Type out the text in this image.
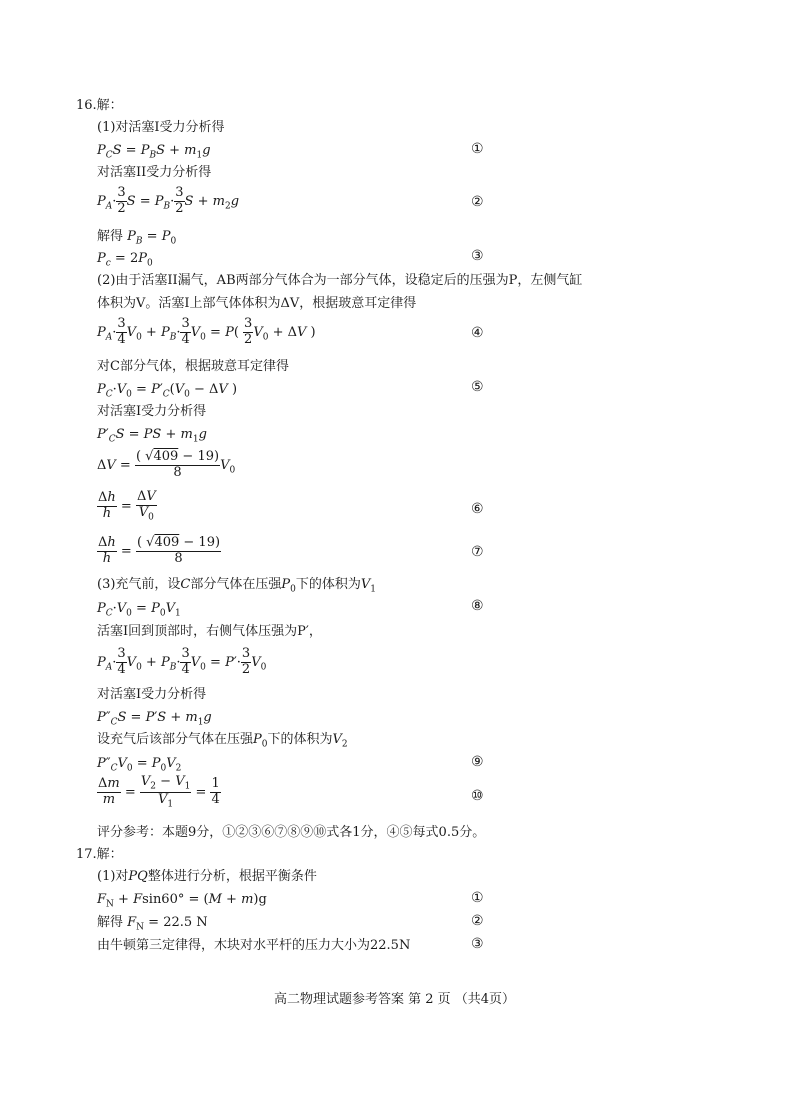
16.解：
(1)对活塞I受力分析得
$P_CS = P_BS + m_1g$	①
对活塞II受力分析得
$P_A\cdot \frac{3}{2}$ $S = P_B\cdot \frac{3}{2}$ $S + m_2g$	②
解得 $P_B = P_0$
$P_c = 2P_0$	③
(2)由于活塞II漏气，AB两部分气体合为一部分气体，设稳定后的压强为P，左侧气缸
体积为V。活塞I上部气体体积为ΔV，根据玻意耳定律得
$P_A\cdot \frac{3}{4} V_0 + P_B\cdot \frac{3}{4} V_0 = P( \frac{3}{2} V_0 + \Delta V$ )	④
对C部分气体，根据玻意耳定律得
$P_C\cdot V_0 = P'_C(V_0 - \Delta V$ )	⑤
对活塞I受力分析得
$P'_CS$ = PS + $m_1g$
$\Delta V = \frac{( √409 - 19)}{8} V_0$
$\frac{\Delta h}{h} = \frac{\Delta V}{V_0}$	⑥
$\frac{\Delta h}{h} = \frac{( √409 - 19)}{8}$	⑦
(3)充气前，设C部分气体在压强$P_0$下的体积为$V_1$
$P_C\cdot V_0 = P_0V_1$	⑧
活塞I回到顶部时，右侧气体压强为P′，
$P_A\cdot \frac{3}{4} V_0 + P_B\cdot \frac{3}{4} V_0 = P'\cdot \frac{3}{2} V_0$
对活塞I受力分析得
$P''_CS = P'S + m_1g$
设充气后该部分气体在压强$P_0$下的体积为$V_2$
$P''_CV_0 = P_0V_2$	⑨
$\frac{\Delta m}{m} = \frac{V_2 - V_1}{V_1} = \frac{1}{4}$	⑩
评分参考：本题9分，①②③⑥⑦⑧⑨⑩式各1分，④⑤每式0.5分。
17.解：
(1)对PQ整体进行分析，根据平衡条件
$F_N + Fsin60^\circ = (M + m)g$	①
解得 $F_N = 22.5$ N	②
由牛顿第三定律得，木块对水平杆的压力大小为22.5N	③
高二物理试题参考答案 第 2 页 （共4页）
